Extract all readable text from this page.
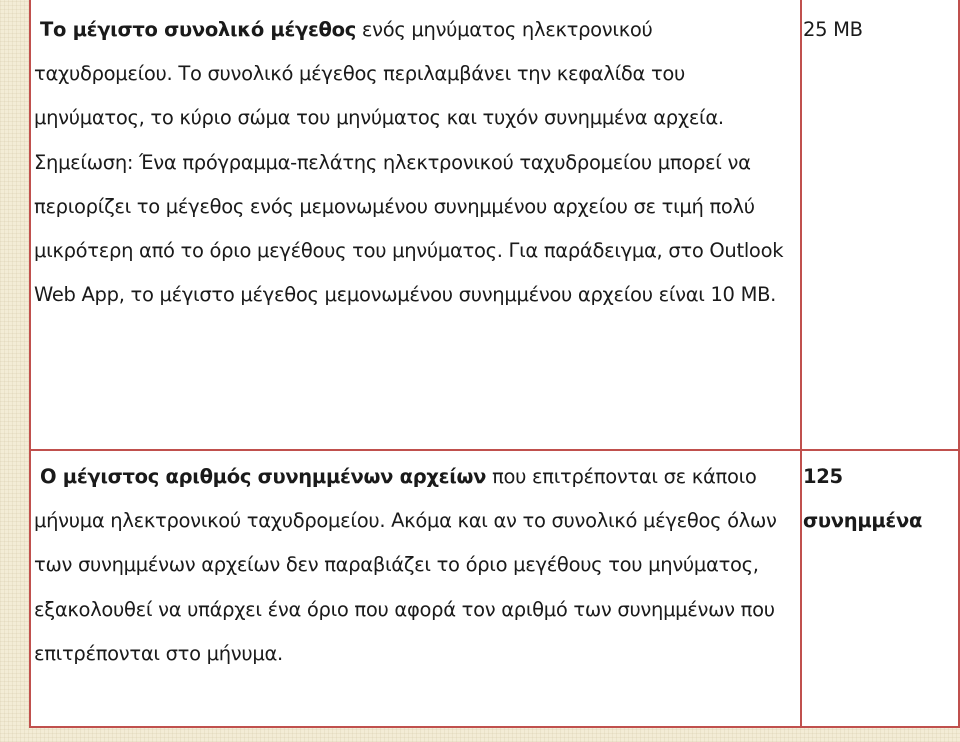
Το μέγιστο συνολικό μέγεθος ενός μηνύματος ηλεκτρονικού ταχυδρομείου. Το συνολικό μέγεθος περιλαμβάνει την κεφαλίδα του μηνύματος, το κύριο σώμα του μηνύματος και τυχόν συνημμένα αρχεία.
Σημείωση: Ένα πρόγραμμα-πελάτης ηλεκτρονικού ταχυδρομείου μπορεί να περιορίζει το μέγεθος ενός μεμονωμένου συνημμένου αρχείου σε τιμή πολύ μικρότερη από το όριο μεγέθους του μηνύματος. Για παράδειγμα, στο Outlook Web App, το μέγιστο μέγεθος μεμονωμένου συνημμένου αρχείου είναι 10 MB.
25 MB
Ο μέγιστος αριθμός συνημμένων αρχείων που επιτρέπονται σε κάποιο μήνυμα ηλεκτρονικού ταχυδρομείου. Ακόμα και αν το συνολικό μέγεθος όλων των συνημμένων αρχείων δεν παραβιάζει το όριο μεγέθους του μηνύματος, εξακολουθεί να υπάρχει ένα όριο που αφορά τον αριθμό των συνημμένων που επιτρέπονται στο μήνυμα.
125 συνημμένα
